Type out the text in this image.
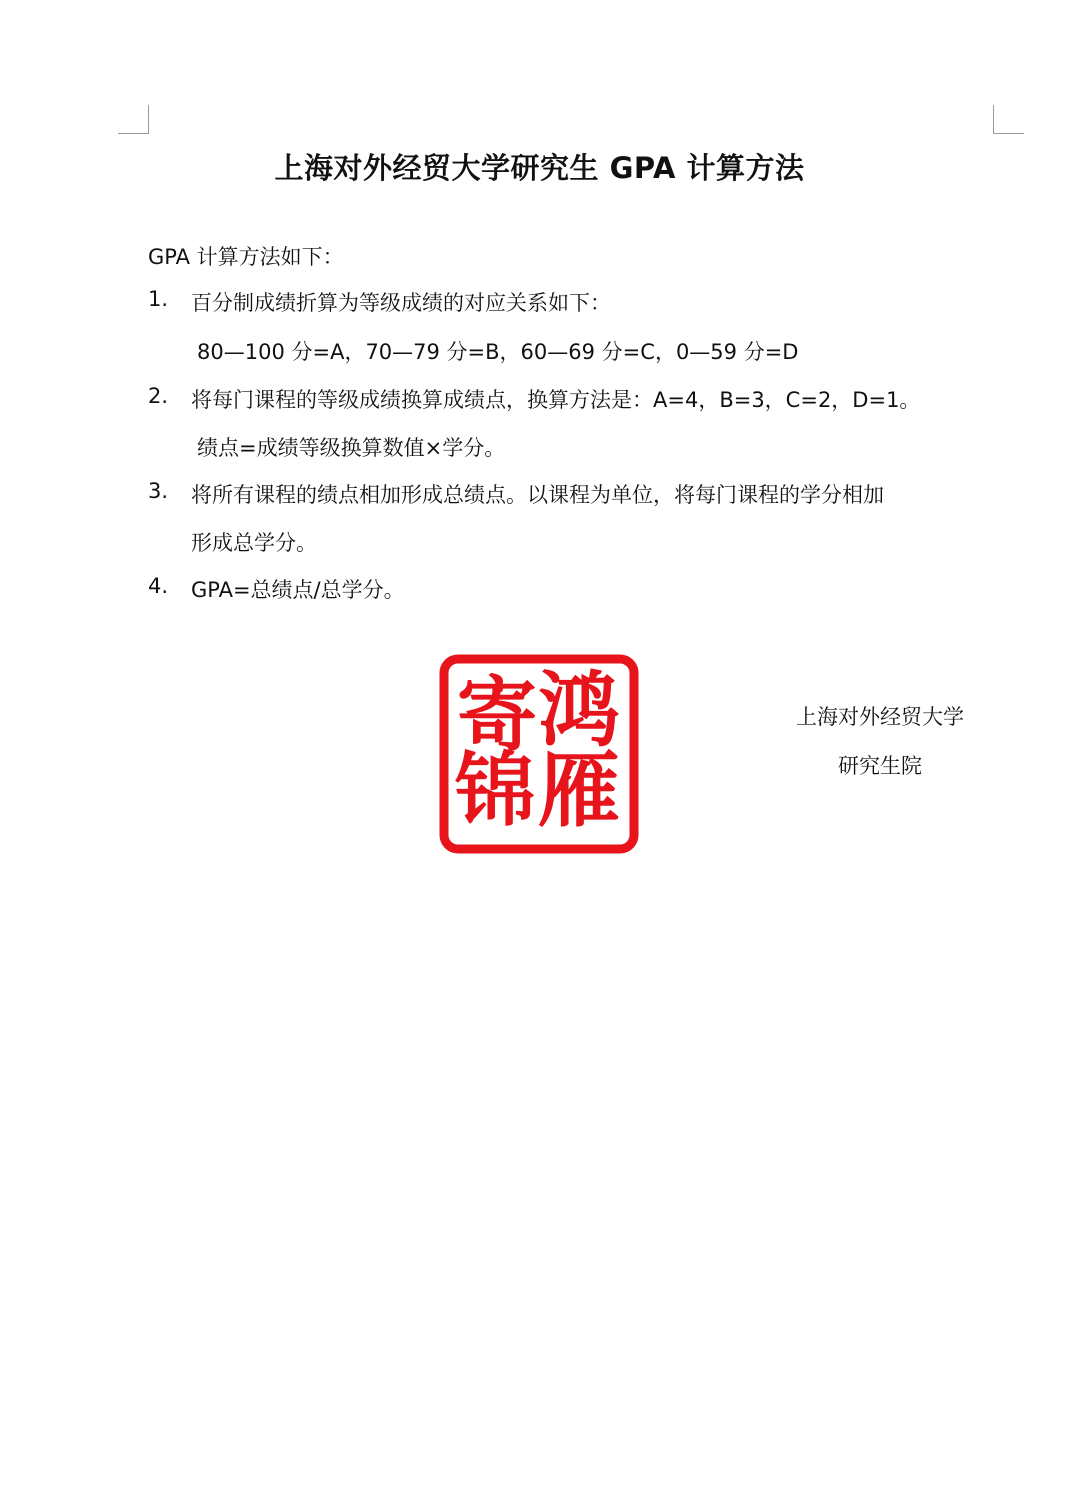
上海对外经贸大学研究生 GPA 计算方法

GPA 计算方法如下：

1. 百分制成绩折算为等级成绩的对应关系如下：
80—100 分=A，70—79 分=B，60—69 分=C，0—59 分=D
2. 将每门课程的等级成绩换算成绩点，换算方法是：A=4，B=3，C=2，D=1。
绩点=成绩等级换算数值×学分。
3. 将所有课程的绩点相加形成总绩点。以课程为单位，将每门课程的学分相加
形成总学分。
4. GPA=总绩点/总学分。
鸿
雁
寄
锦
上海对外经贸大学
研究生院
